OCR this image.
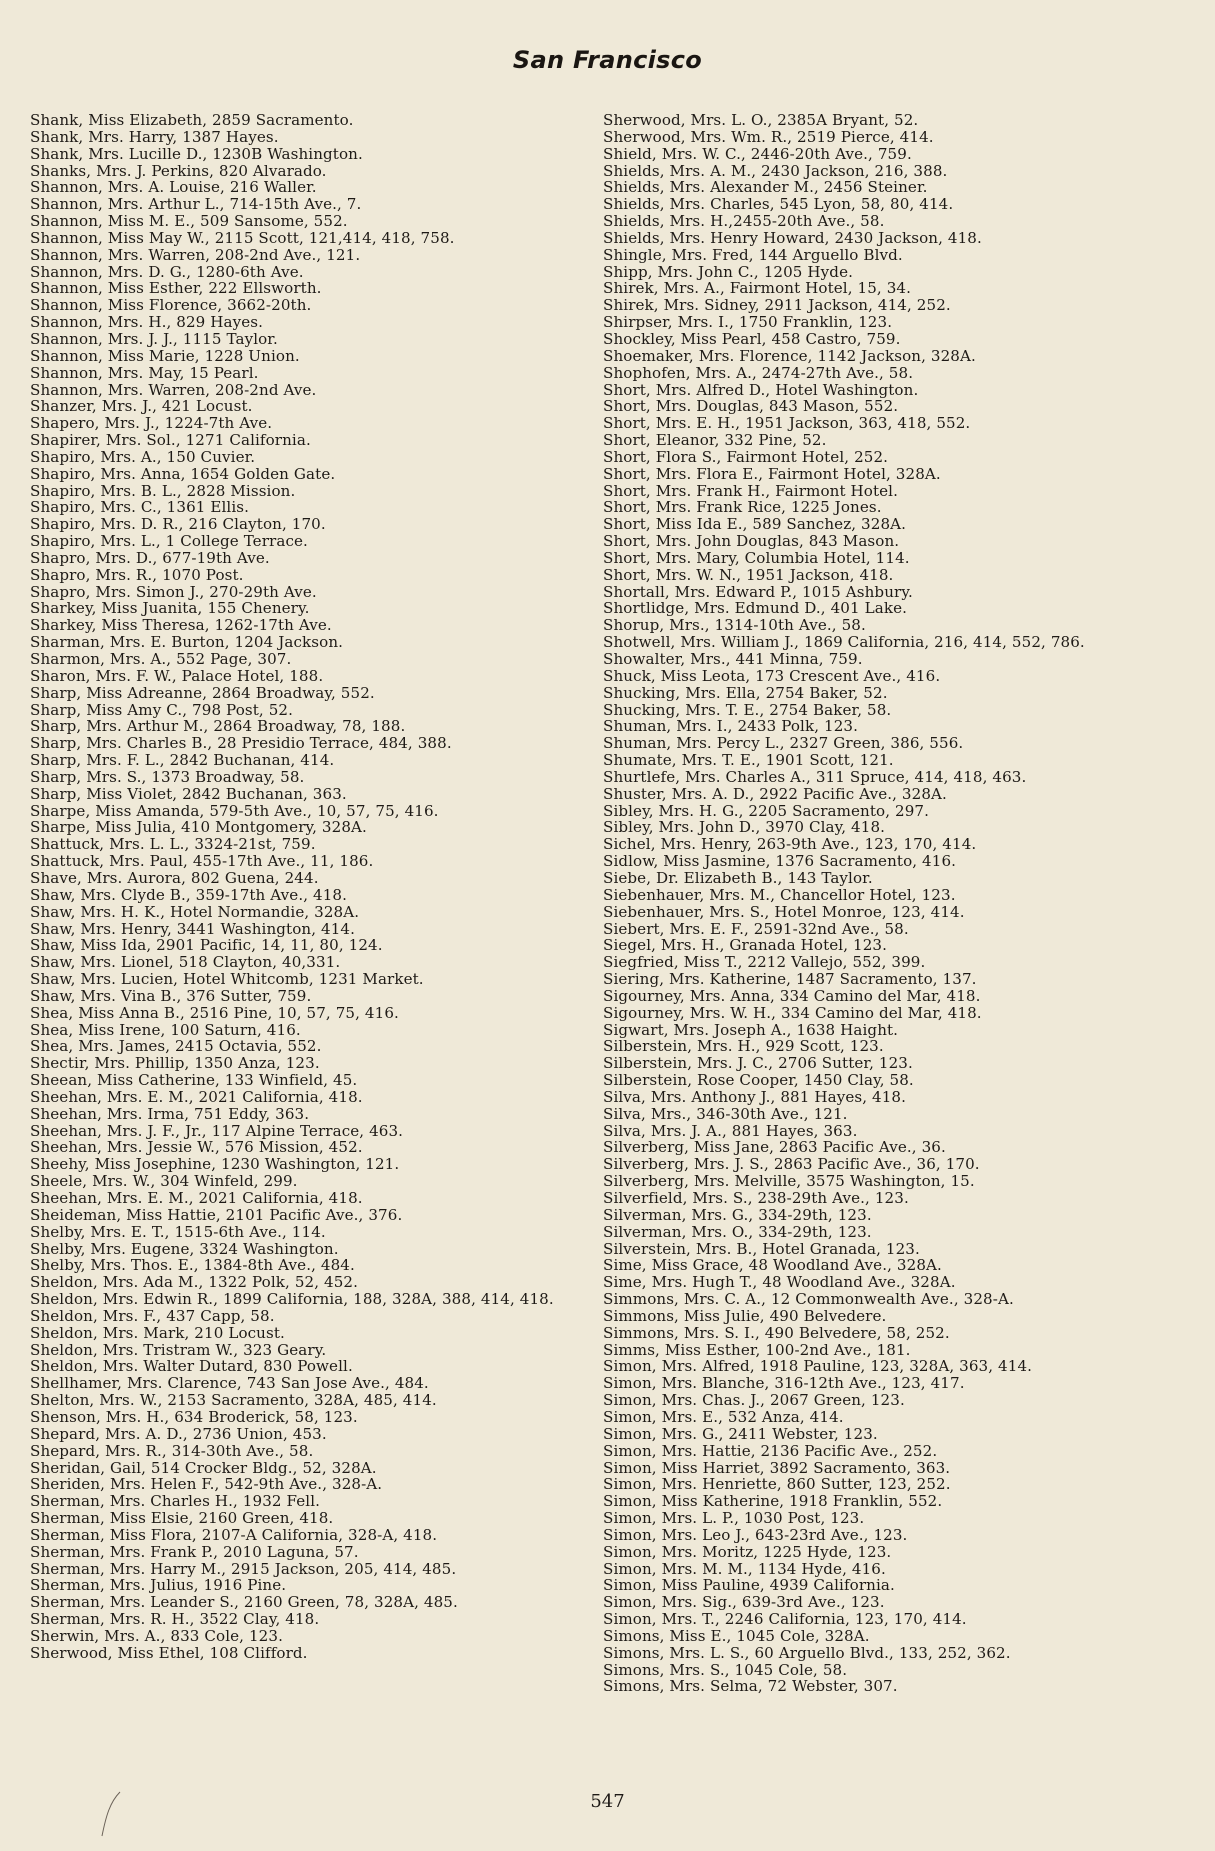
San Francisco
Shank, Miss Elizabeth, 2859 Sacramento.
Shank, Mrs. Harry, 1387 Hayes.
Shank, Mrs. Lucille D., 1230B Washington.
Shanks, Mrs. J. Perkins, 820 Alvarado.
Shannon, Mrs. A. Louise, 216 Waller.
Shannon, Mrs. Arthur L., 714-15th Ave., 7.
Shannon, Miss M. E., 509 Sansome, 552.
Shannon, Miss May W., 2115 Scott, 121,414, 418, 758.
Shannon, Mrs. Warren, 208-2nd Ave., 121.
Shannon, Mrs. D. G., 1280-6th Ave.
Shannon, Miss Esther, 222 Ellsworth.
Shannon, Miss Florence, 3662-20th.
Shannon, Mrs. H., 829 Hayes.
Shannon, Mrs. J. J., 1115 Taylor.
Shannon, Miss Marie, 1228 Union.
Shannon, Mrs. May, 15 Pearl.
Shannon, Mrs. Warren, 208-2nd Ave.
Shanzer, Mrs. J., 421 Locust.
Shapero, Mrs. J., 1224-7th Ave.
Shapirer, Mrs. Sol., 1271 California.
Shapiro, Mrs. A., 150 Cuvier.
Shapiro, Mrs. Anna, 1654 Golden Gate.
Shapiro, Mrs. B. L., 2828 Mission.
Shapiro, Mrs. C., 1361 Ellis.
Shapiro, Mrs. D. R., 216 Clayton, 170.
Shapiro, Mrs. L., 1 College Terrace.
Shapro, Mrs. D., 677-19th Ave.
Shapro, Mrs. R., 1070 Post.
Shapro, Mrs. Simon J., 270-29th Ave.
Sharkey, Miss Juanita, 155 Chenery.
Sharkey, Miss Theresa, 1262-17th Ave.
Sharman, Mrs. E. Burton, 1204 Jackson.
Sharmon, Mrs. A., 552 Page, 307.
Sharon, Mrs. F. W., Palace Hotel, 188.
Sharp, Miss Adreanne, 2864 Broadway, 552.
Sharp, Miss Amy C., 798 Post, 52.
Sharp, Mrs. Arthur M., 2864 Broadway, 78, 188.
Sharp, Mrs. Charles B., 28 Presidio Terrace, 484, 388.
Sharp, Mrs. F. L., 2842 Buchanan, 414.
Sharp, Mrs. S., 1373 Broadway, 58.
Sharp, Miss Violet, 2842 Buchanan, 363.
Sharpe, Miss Amanda, 579-5th Ave., 10, 57, 75, 416.
Sharpe, Miss Julia, 410 Montgomery, 328A.
Shattuck, Mrs. L. L., 3324-21st, 759.
Shattuck, Mrs. Paul, 455-17th Ave., 11, 186.
Shave, Mrs. Aurora, 802 Guena, 244.
Shaw, Mrs. Clyde B., 359-17th Ave., 418.
Shaw, Mrs. H. K., Hotel Normandie, 328A.
Shaw, Mrs. Henry, 3441 Washington, 414.
Shaw, Miss Ida, 2901 Pacific, 14, 11, 80, 124.
Shaw, Mrs. Lionel, 518 Clayton, 40,331.
Shaw, Mrs. Lucien, Hotel Whitcomb, 1231 Market.
Shaw, Mrs. Vina B., 376 Sutter, 759.
Shea, Miss Anna B., 2516 Pine, 10, 57, 75, 416.
Shea, Miss Irene, 100 Saturn, 416.
Shea, Mrs. James, 2415 Octavia, 552.
Shectir, Mrs. Phillip, 1350 Anza, 123.
Sheean, Miss Catherine, 133 Winfield, 45.
Sheehan, Mrs. E. M., 2021 California, 418.
Sheehan, Mrs. Irma, 751 Eddy, 363.
Sheehan, Mrs. J. F., Jr., 117 Alpine Terrace, 463.
Sheehan, Mrs. Jessie W., 576 Mission, 452.
Sheehy, Miss Josephine, 1230 Washington, 121.
Sheele, Mrs. W., 304 Winfeld, 299.
Sheehan, Mrs. E. M., 2021 California, 418.
Sheideman, Miss Hattie, 2101 Pacific Ave., 376.
Shelby, Mrs. E. T., 1515-6th Ave., 114.
Shelby, Mrs. Eugene, 3324 Washington.
Shelby, Mrs. Thos. E., 1384-8th Ave., 484.
Sheldon, Mrs. Ada M., 1322 Polk, 52, 452.
Sheldon, Mrs. Edwin R., 1899 California, 188, 328A, 388, 414, 418.
Sheldon, Mrs. F., 437 Capp, 58.
Sheldon, Mrs. Mark, 210 Locust.
Sheldon, Mrs. Tristram W., 323 Geary.
Sheldon, Mrs. Walter Dutard, 830 Powell.
Shellhamer, Mrs. Clarence, 743 San Jose Ave., 484.
Shelton, Mrs. W., 2153 Sacramento, 328A, 485, 414.
Shenson, Mrs. H., 634 Broderick, 58, 123.
Shepard, Mrs. A. D., 2736 Union, 453.
Shepard, Mrs. R., 314-30th Ave., 58.
Sheridan, Gail, 514 Crocker Bldg., 52, 328A.
Sheriden, Mrs. Helen F., 542-9th Ave., 328-A.
Sherman, Mrs. Charles H., 1932 Fell.
Sherman, Miss Elsie, 2160 Green, 418.
Sherman, Miss Flora, 2107-A California, 328-A, 418.
Sherman, Mrs. Frank P., 2010 Laguna, 57.
Sherman, Mrs. Harry M., 2915 Jackson, 205, 414, 485.
Sherman, Mrs. Julius, 1916 Pine.
Sherman, Mrs. Leander S., 2160 Green, 78, 328A, 485.
Sherman, Mrs. R. H., 3522 Clay, 418.
Sherwin, Mrs. A., 833 Cole, 123.
Sherwood, Miss Ethel, 108 Clifford.
Sherwood, Mrs. L. O., 2385A Bryant, 52.
Sherwood, Mrs. Wm. R., 2519 Pierce, 414.
Shield, Mrs. W. C., 2446-20th Ave., 759.
Shields, Mrs. A. M., 2430 Jackson, 216, 388.
Shields, Mrs. Alexander M., 2456 Steiner.
Shields, Mrs. Charles, 545 Lyon, 58, 80, 414.
Shields, Mrs. H.,2455-20th Ave., 58.
Shields, Mrs. Henry Howard, 2430 Jackson, 418.
Shingle, Mrs. Fred, 144 Arguello Blvd.
Shipp, Mrs. John C., 1205 Hyde.
Shirek, Mrs. A., Fairmont Hotel, 15, 34.
Shirek, Mrs. Sidney, 2911 Jackson, 414, 252.
Shirpser, Mrs. I., 1750 Franklin, 123.
Shockley, Miss Pearl, 458 Castro, 759.
Shoemaker, Mrs. Florence, 1142 Jackson, 328A.
Shophofen, Mrs. A., 2474-27th Ave., 58.
Short, Mrs. Alfred D., Hotel Washington.
Short, Mrs. Douglas, 843 Mason, 552.
Short, Mrs. E. H., 1951 Jackson, 363, 418, 552.
Short, Eleanor, 332 Pine, 52.
Short, Flora S., Fairmont Hotel, 252.
Short, Mrs. Flora E., Fairmont Hotel, 328A.
Short, Mrs. Frank H., Fairmont Hotel.
Short, Mrs. Frank Rice, 1225 Jones.
Short, Miss Ida E., 589 Sanchez, 328A.
Short, Mrs. John Douglas, 843 Mason.
Short, Mrs. Mary, Columbia Hotel, 114.
Short, Mrs. W. N., 1951 Jackson, 418.
Shortall, Mrs. Edward P., 1015 Ashbury.
Shortlidge, Mrs. Edmund D., 401 Lake.
Shorup, Mrs., 1314-10th Ave., 58.
Shotwell, Mrs. William J., 1869 California, 216, 414, 552, 786.
Showalter, Mrs., 441 Minna, 759.
Shuck, Miss Leota, 173 Crescent Ave., 416.
Shucking, Mrs. Ella, 2754 Baker, 52.
Shucking, Mrs. T. E., 2754 Baker, 58.
Shuman, Mrs. I., 2433 Polk, 123.
Shuman, Mrs. Percy L., 2327 Green, 386, 556.
Shumate, Mrs. T. E., 1901 Scott, 121.
Shurtlefe, Mrs. Charles A., 311 Spruce, 414, 418, 463.
Shuster, Mrs. A. D., 2922 Pacific Ave., 328A.
Sibley, Mrs. H. G., 2205 Sacramento, 297.
Sibley, Mrs. John D., 3970 Clay, 418.
Sichel, Mrs. Henry, 263-9th Ave., 123, 170, 414.
Sidlow, Miss Jasmine, 1376 Sacramento, 416.
Siebe, Dr. Elizabeth B., 143 Taylor.
Siebenhauer, Mrs. M., Chancellor Hotel, 123.
Siebenhauer, Mrs. S., Hotel Monroe, 123, 414.
Siebert, Mrs. E. F., 2591-32nd Ave., 58.
Siegel, Mrs. H., Granada Hotel, 123.
Siegfried, Miss T., 2212 Vallejo, 552, 399.
Siering, Mrs. Katherine, 1487 Sacramento, 137.
Sigourney, Mrs. Anna, 334 Camino del Mar, 418.
Sigourney, Mrs. W. H., 334 Camino del Mar, 418.
Sigwart, Mrs. Joseph A., 1638 Haight.
Silberstein, Mrs. H., 929 Scott, 123.
Silberstein, Mrs. J. C., 2706 Sutter, 123.
Silberstein, Rose Cooper, 1450 Clay, 58.
Silva, Mrs. Anthony J., 881 Hayes, 418.
Silva, Mrs., 346-30th Ave., 121.
Silva, Mrs. J. A., 881 Hayes, 363.
Silverberg, Miss Jane, 2863 Pacific Ave., 36.
Silverberg, Mrs. J. S., 2863 Pacific Ave., 36, 170.
Silverberg, Mrs. Melville, 3575 Washington, 15.
Silverfield, Mrs. S., 238-29th Ave., 123.
Silverman, Mrs. G., 334-29th, 123.
Silverman, Mrs. O., 334-29th, 123.
Silverstein, Mrs. B., Hotel Granada, 123.
Sime, Miss Grace, 48 Woodland Ave., 328A.
Sime, Mrs. Hugh T., 48 Woodland Ave., 328A.
Simmons, Mrs. C. A., 12 Commonwealth Ave., 328-A.
Simmons, Miss Julie, 490 Belvedere.
Simmons, Mrs. S. I., 490 Belvedere, 58, 252.
Simms, Miss Esther, 100-2nd Ave., 181.
Simon, Mrs. Alfred, 1918 Pauline, 123, 328A, 363, 414.
Simon, Mrs. Blanche, 316-12th Ave., 123, 417.
Simon, Mrs. Chas. J., 2067 Green, 123.
Simon, Mrs. E., 532 Anza, 414.
Simon, Mrs. G., 2411 Webster, 123.
Simon, Mrs. Hattie, 2136 Pacific Ave., 252.
Simon, Miss Harriet, 3892 Sacramento, 363.
Simon, Mrs. Henriette, 860 Sutter, 123, 252.
Simon, Miss Katherine, 1918 Franklin, 552.
Simon, Mrs. L. P., 1030 Post, 123.
Simon, Mrs. Leo J., 643-23rd Ave., 123.
Simon, Mrs. Moritz, 1225 Hyde, 123.
Simon, Mrs. M. M., 1134 Hyde, 416.
Simon, Miss Pauline, 4939 California.
Simon, Mrs. Sig., 639-3rd Ave., 123.
Simon, Mrs. T., 2246 California, 123, 170, 414.
Simons, Miss E., 1045 Cole, 328A.
Simons, Mrs. L. S., 60 Arguello Blvd., 133, 252, 362.
Simons, Mrs. S., 1045 Cole, 58.
Simons, Mrs. Selma, 72 Webster, 307.
547
